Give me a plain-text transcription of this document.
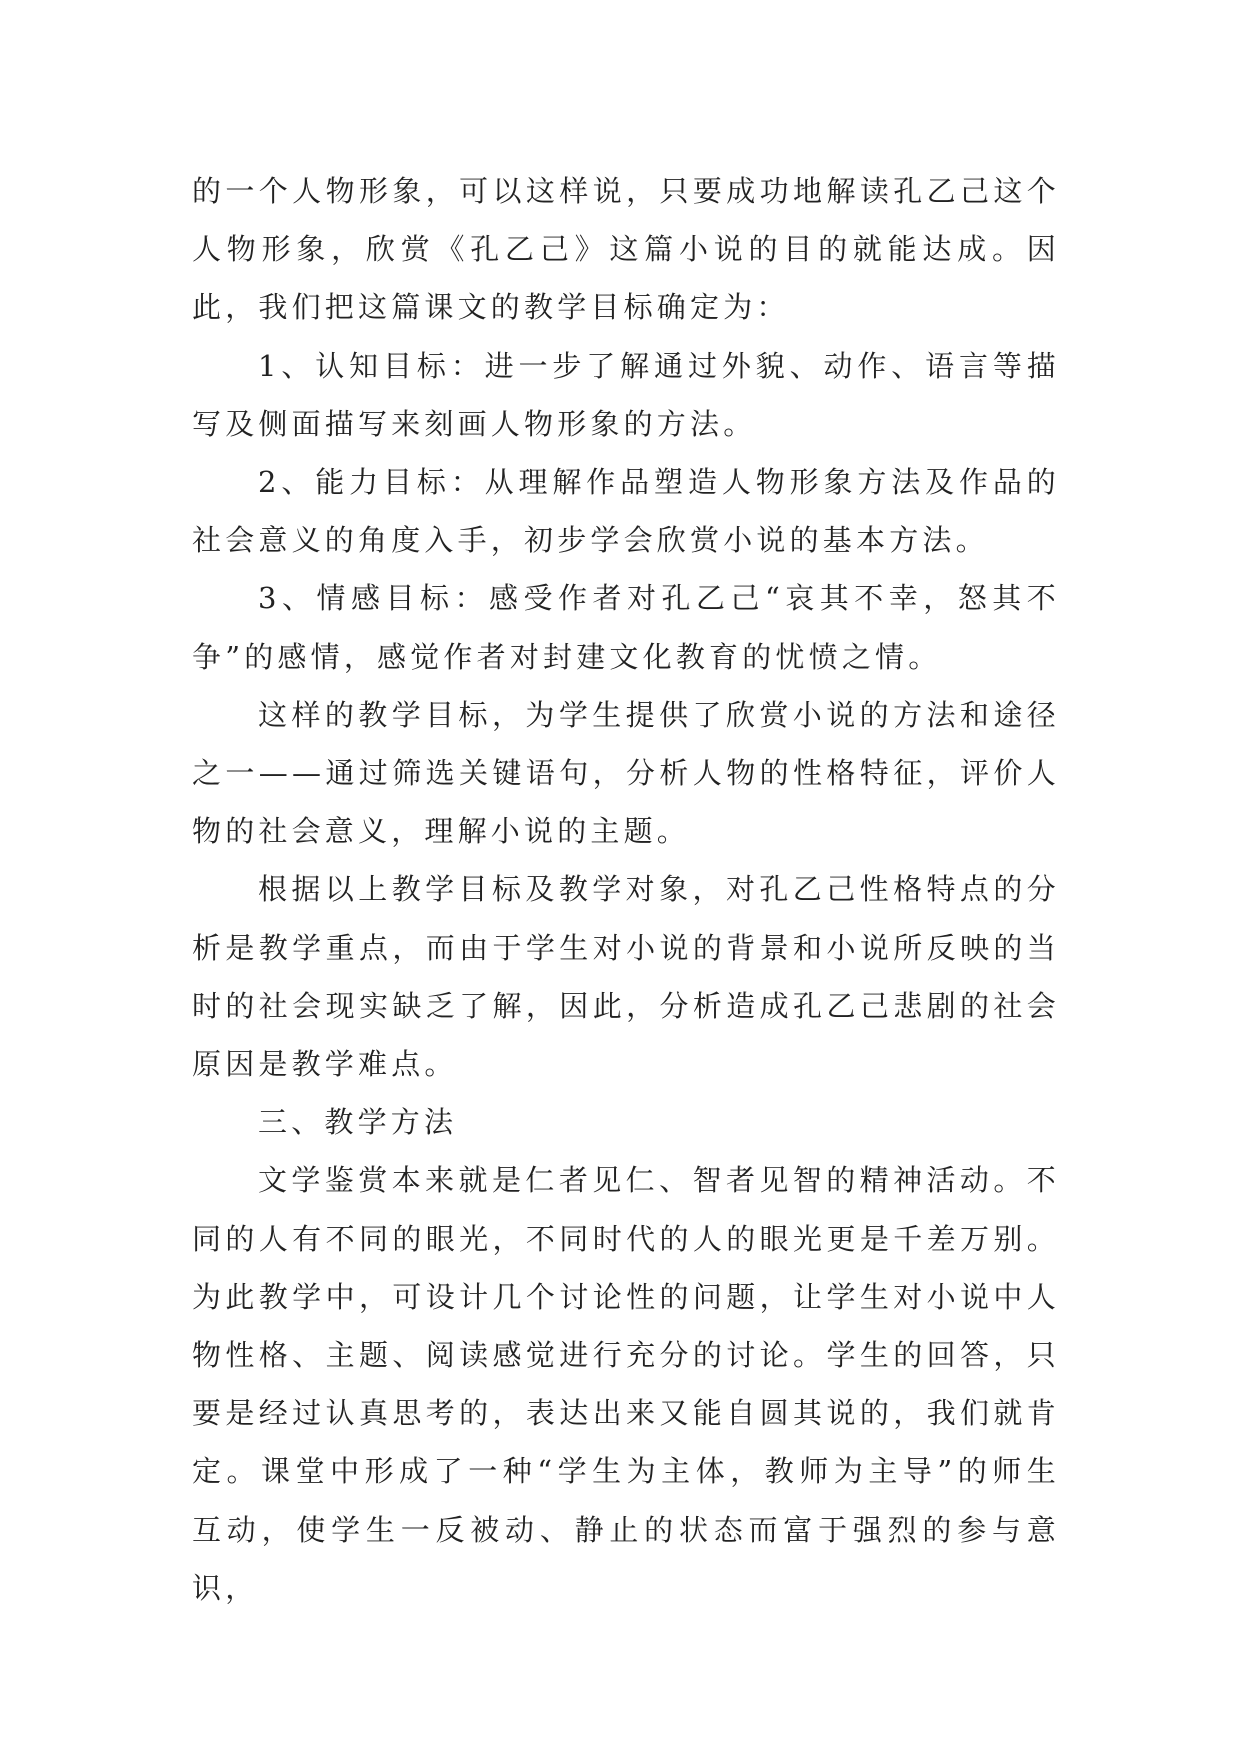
的一个人物形象，可以这样说，只要成功地解读孔乙己这个人物形象，欣赏《孔乙己》这篇小说的目的就能达成。因此，我们把这篇课文的教学目标确定为：

1、认知目标：进一步了解通过外貌、动作、语言等描写及侧面描写来刻画人物形象的方法。

2、能力目标：从理解作品塑造人物形象方法及作品的社会意义的角度入手，初步学会欣赏小说的基本方法。

3、情感目标：感受作者对孔乙己“哀其不幸，怒其不争”的感情，感觉作者对封建文化教育的忧愤之情。

这样的教学目标，为学生提供了欣赏小说的方法和途径之一——通过筛选关键语句，分析人物的性格特征，评价人物的社会意义，理解小说的主题。

根据以上教学目标及教学对象，对孔乙己性格特点的分析是教学重点，而由于学生对小说的背景和小说所反映的当时的社会现实缺乏了解，因此，分析造成孔乙己悲剧的社会原因是教学难点。

三、教学方法

文学鉴赏本来就是仁者见仁、智者见智的精神活动。不同的人有不同的眼光，不同时代的人的眼光更是千差万别。为此教学中，可设计几个讨论性的问题，让学生对小说中人物性格、主题、阅读感觉进行充分的讨论。学生的回答，只要是经过认真思考的，表达出来又能自圆其说的，我们就肯定。课堂中形成了一种“学生为主体，教师为主导”的师生互动，使学生一反被动、静止的状态而富于强烈的参与意识，
